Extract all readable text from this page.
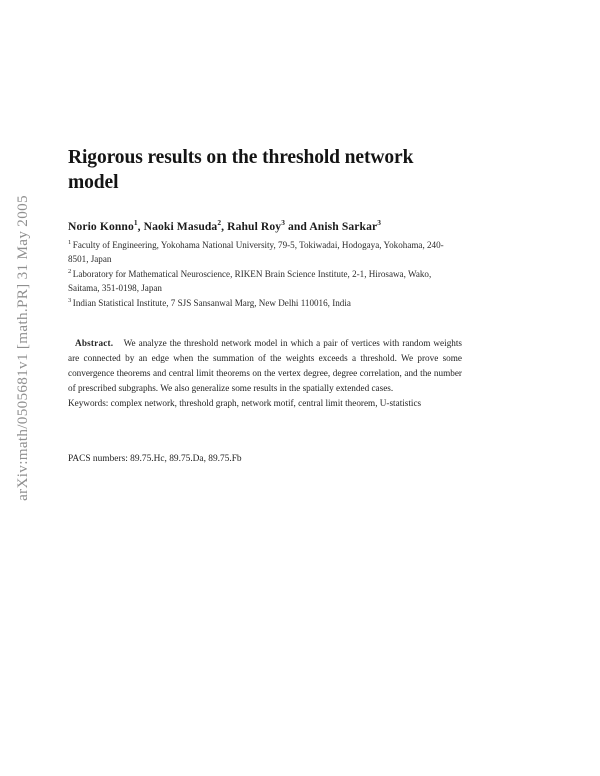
arXiv:math/0505681v1 [math.PR] 31 May 2005
Rigorous results on the threshold network model
Norio Konno$^1$, Naoki Masuda$^2$, Rahul Roy$^3$ and Anish Sarkar$^3$

$^1$ Faculty of Engineering, Yokohama National University, 79-5, Tokiwadai, Hodogaya, Yokohama, 240-8501, Japan

$^2$ Laboratory for Mathematical Neuroscience, RIKEN Brain Science Institute, 2-1, Hirosawa, Wako, Saitama, 351-0198, Japan

$^3$ Indian Statistical Institute, 7 SJS Sansanwal Marg, New Delhi 110016, India

Abstract. We analyze the threshold network model in which a pair of vertices with random weights are connected by an edge when the summation of the weights exceeds a threshold. We prove some convergence theorems and central limit theorems on the vertex degree, degree correlation, and the number of prescribed subgraphs. We also generalize some results in the spatially extended cases.

Keywords: complex network, threshold graph, network motif, central limit theorem, U-statistics

PACS numbers: 89.75.Hc, 89.75.Da, 89.75.Fb
